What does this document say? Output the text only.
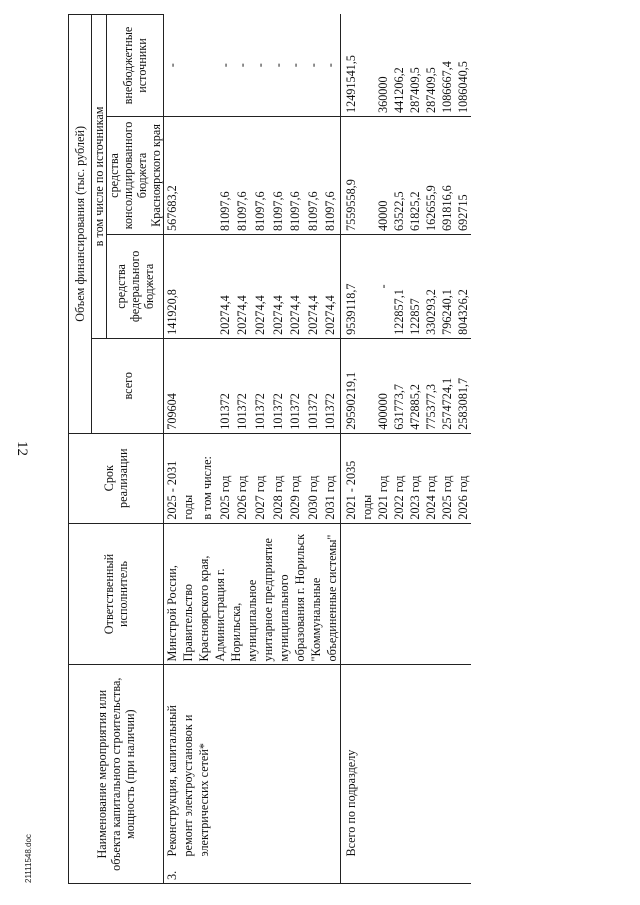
12
21111548.doc	Наименование мероприятия или объекта капитального строительства, мощность (при наличии)		Ответственный исполнитель	Срок реализации	Объем финансирования (тыс. рублей)			
				всего	в том числе по источникам		
					средства федерального бюджета	средства консолидированного бюджета Красноярского края	внебюджетные источники
3.	Реконструкция, капитальный ремонт электроустановок и электрических сетей*	Минстрой России, Правительство Красноярского края, Администрация г. Норильска, муниципальное унитарное предприятие муниципального образования г. Норильск "Коммунальные объединенные системы"	2025 - 2031 годы	709604	141920,8	567683,2	-
			в том числе:				
			2025 год	101372	20274,4	81097,6	-
			2026 год	101372	20274,4	81097,6	-
			2027 год	101372	20274,4	81097,6	-
			2028 год	101372	20274,4	81097,6	-
			2029 год	101372	20274,4	81097,6	-
			2030 год	101372	20274,4	81097,6	-
			2031 год	101372	20274,4	81097,6	-
	Всего по подразделу		2021 - 2035 годы	29590219,1	9539118,7	7559558,9	12491541,5
			2021 год	400000	-	40000	360000
			2022 год	631773,7	122857,1	63522,5	441206,2
			2023 год	472885,2	122857	61825,2	287409,5
			2024 год	775377,3	330293,2	162655,9	287409,5
			2025 год	2574724,1	796240,1	691816,6	1086667,4
			2026 год	2583081,7	804326,2	692715	1086040,5
